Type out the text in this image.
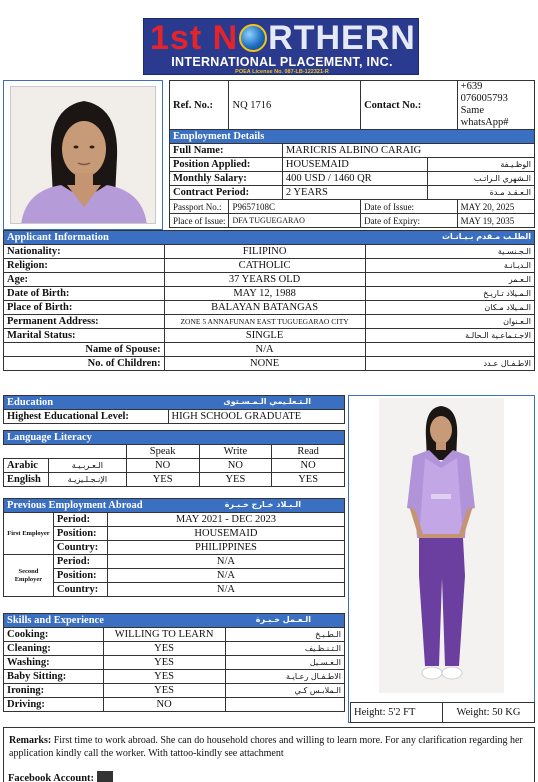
1st N RTHERN
INTERNATIONAL PLACEMENT, INC.
POEA License No. 087-LB-122321-R
Ref. No.:	NQ 1716		Contact No.:		+639 076005793
Same whatsApp#

Employment Details					
Full Name:		MARICRIS ALBINO CARAIG			
Position Applied:		HOUSEMAID		الوظـيـفة	
Monthly Salary:		400 USD / 1460 QR		الـشهري الـراتـب	
Contract Period:		2 YEARS		الـعـقـد مـدة	
Passport No.:	P9657108C		Date of Issue:		MAY 20, 2025
Place of Issue:	DFA TUGUEGARAO		Date of Expiry:		MAY 19, 2035
Applicant Information الطلـب مـقدم بـيـانـات		

Nationality:	FILIPINO	الـجـنسـية
Religion:	CATHOLIC	الـديـانـة
Age:	37 YEARS OLD	الـعـمر
Date of Birth:	MAY 12, 1988	الـمـيلاد تـاريـخ
Place of Birth:	BALAYAN BATANGAS	الـمـيلاد مـكان
Permanent Address:	ZONE 5 ANNAFUNAN EAST TUGUEGARAO CITY	الـعـنوان
Marital Status:	SINGLE	الاجـتـماعـية الـحالـة
Name of Spouse:	N/A	
No. of Children:	NONE	الاطـفـال عـدد
Education	الـتـعلـيمي الـمـسـتوى

Highest Educational Level:	HIGH SCHOOL GRADUATE
Language Literacy				
		Speak	Write	Read
Arabic	الـعـربـيـة	NO	NO	NO
English	الإنـجـلـيزيـة	YES	YES	YES
Previous Employment Abroad الـبـلاد خـارج خـبـرة		

First Employer	Period:	MAY 2021 - DEC 2023
	Position:	HOUSEMAID
	Country:	PHILIPPINES
Second Employer	Period:	N/A
	Position:	N/A
	Country:	N/A
Skills and Experience الـعـمل خـبـرة		

Cooking:	WILLING TO LEARN	الـطـبـخ
Cleaning:	YES	الـتـنـظـيف
Washing:	YES	الـغـسـيل
Baby Sitting:	YES	الاطـفـال رعـايـة
Ironing:	YES	الـملابـس كـي
Driving:	NO	
Height: 5'2 FT	Weight: 50 KG
Remarks: First time to work abroad. She can do household chores and willing to learn more. For any clarification regarding her application kindly call the worker. With tattoo-kindly see attachment
Facebook Account:
